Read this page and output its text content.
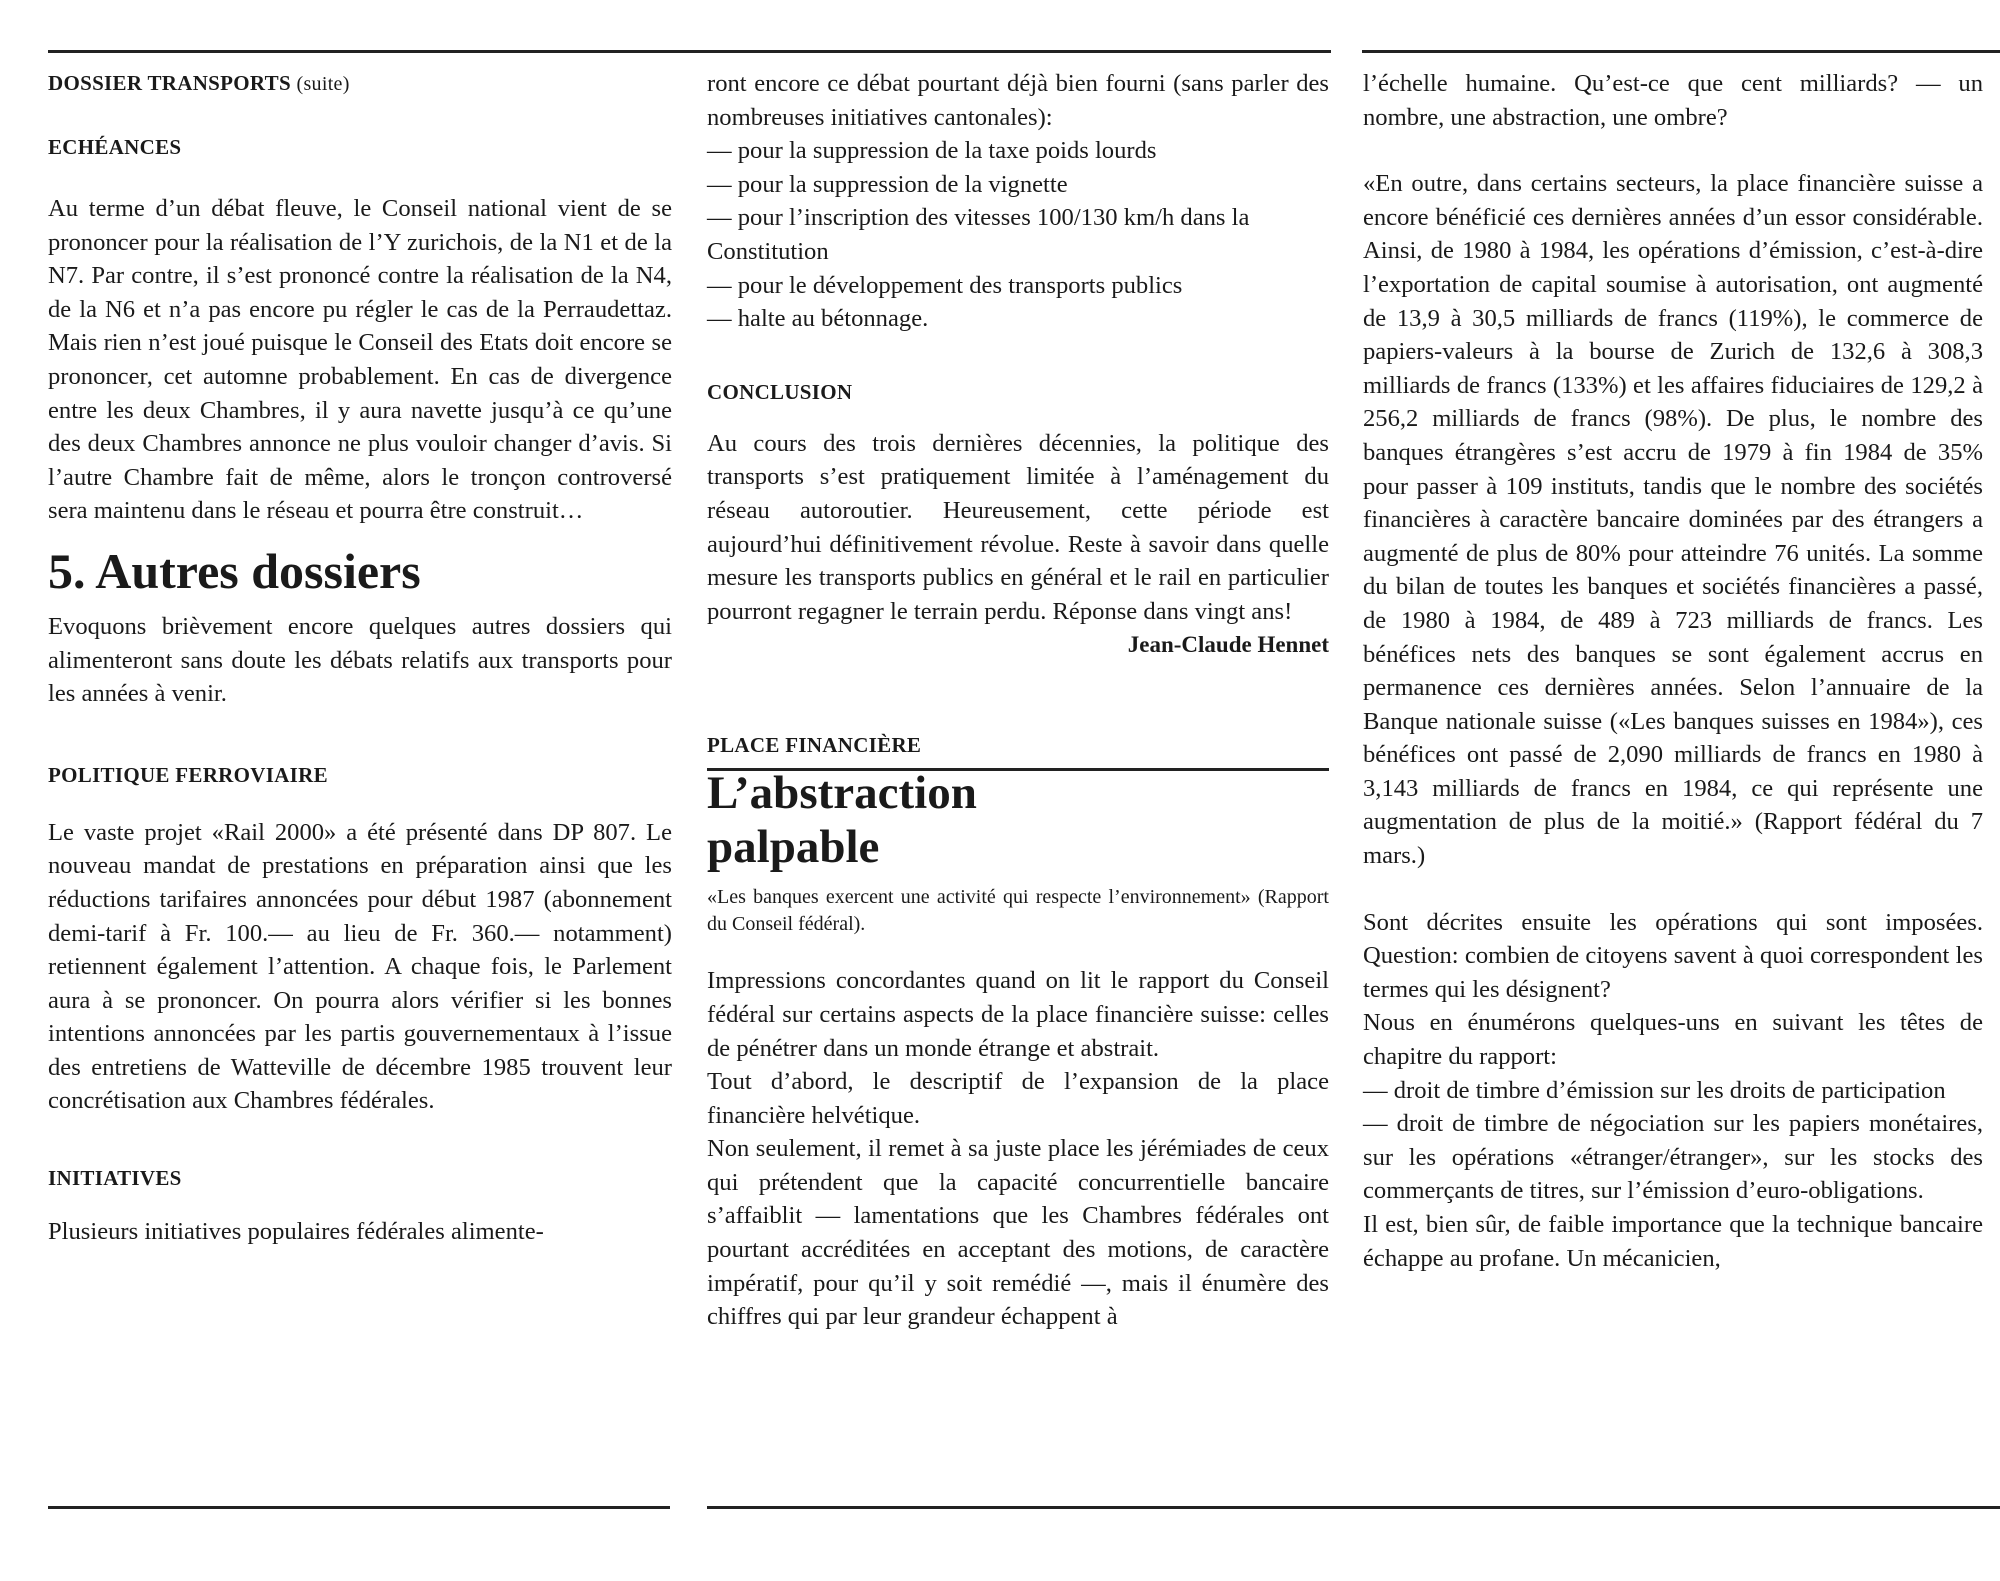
DOSSIER TRANSPORTS (suite)

ECHÉANCES

Au terme d’un débat fleuve, le Conseil national vient de se prononcer pour la réalisation de l’Y zurichois, de la N1 et de la N7. Par contre, il s’est prononcé contre la réalisation de la N4, de la N6 et n’a pas encore pu régler le cas de la Perraudettaz. Mais rien n’est joué puisque le Conseil des Etats doit encore se prononcer, cet automne probablement. En cas de divergence entre les deux Chambres, il y aura navette jusqu’à ce qu’une des deux Chambres annonce ne plus vouloir changer d’avis. Si l’autre Chambre fait de même, alors le tronçon controversé sera maintenu dans le réseau et pourra être construit…

5. Autres dossiers

Evoquons brièvement encore quelques autres dossiers qui alimenteront sans doute les débats relatifs aux transports pour les années à venir.

POLITIQUE FERROVIAIRE

Le vaste projet «Rail 2000» a été présenté dans DP 807. Le nouveau mandat de prestations en préparation ainsi que les réductions tarifaires annoncées pour début 1987 (abonnement demi-tarif à Fr. 100.— au lieu de Fr. 360.— notamment) retiennent également l’attention. A chaque fois, le Parlement aura à se prononcer. On pourra alors vérifier si les bonnes intentions annoncées par les partis gouvernementaux à l’issue des entretiens de Watteville de décembre 1985 trouvent leur concrétisation aux Chambres fédérales.

INITIATIVES

Plusieurs initiatives populaires fédérales alimente-

ront encore ce débat pourtant déjà bien fourni (sans parler des nombreuses initiatives cantonales):

— pour la suppression de la taxe poids lourds
— pour la suppression de la vignette
— pour l’inscription des vitesses 100/130 km/h dans la Constitution
— pour le développement des transports publics
— halte au bétonnage.

CONCLUSION

Au cours des trois dernières décennies, la politique des transports s’est pratiquement limitée à l’aménagement du réseau autoroutier. Heureusement, cette période est aujourd’hui définitivement révolue. Reste à savoir dans quelle mesure les transports publics en général et le rail en particulier pourront regagner le terrain perdu. Réponse dans vingt ans!

Jean-Claude Hennet

PLACE FINANCIÈRE

L’abstraction

palpable

«Les banques exercent une activité qui respecte l’environnement» (Rapport du Conseil fédéral).

Impressions concordantes quand on lit le rapport du Conseil fédéral sur certains aspects de la place financière suisse: celles de pénétrer dans un monde étrange et abstrait.

Tout d’abord, le descriptif de l’expansion de la place financière helvétique.

Non seulement, il remet à sa juste place les jérémiades de ceux qui prétendent que la capacité concurrentielle bancaire s’affaiblit — lamentations que les Chambres fédérales ont pourtant accréditées en acceptant des motions, de caractère impératif, pour qu’il y soit remédié —, mais il énumère des chiffres qui par leur grandeur échappent à

l’échelle humaine. Qu’est-ce que cent milliards? — un nombre, une abstraction, une ombre?

«En outre, dans certains secteurs, la place financière suisse a encore bénéficié ces dernières années d’un essor considérable. Ainsi, de 1980 à 1984, les opérations d’émission, c’est-à-dire l’exportation de capital soumise à autorisation, ont augmenté de 13,9 à 30,5 milliards de francs (119%), le commerce de papiers-valeurs à la bourse de Zurich de 132,6 à 308,3 milliards de francs (133%) et les affaires fiduciaires de 129,2 à 256,2 milliards de francs (98%). De plus, le nombre des banques étrangères s’est accru de 1979 à fin 1984 de 35% pour passer à 109 instituts, tandis que le nombre des sociétés financières à caractère bancaire dominées par des étrangers a augmenté de plus de 80% pour atteindre 76 unités. La somme du bilan de toutes les banques et sociétés financières a passé, de 1980 à 1984, de 489 à 723 milliards de francs. Les bénéfices nets des banques se sont également accrus en permanence ces dernières années. Selon l’annuaire de la Banque nationale suisse («Les banques suisses en 1984»), ces bénéfices ont passé de 2,090 milliards de francs en 1980 à 3,143 milliards de francs en 1984, ce qui représente une augmentation de plus de la moitié.» (Rapport fédéral du 7 mars.)

Sont décrites ensuite les opérations qui sont imposées. Question: combien de citoyens savent à quoi correspondent les termes qui les désignent?

Nous en énumérons quelques-uns en suivant les têtes de chapitre du rapport:

— droit de timbre d’émission sur les droits de participation

— droit de timbre de négociation sur les papiers monétaires, sur les opérations «étranger/étranger», sur les stocks des commerçants de titres, sur l’émission d’euro-obligations.

Il est, bien sûr, de faible importance que la technique bancaire échappe au profane. Un mécanicien,
